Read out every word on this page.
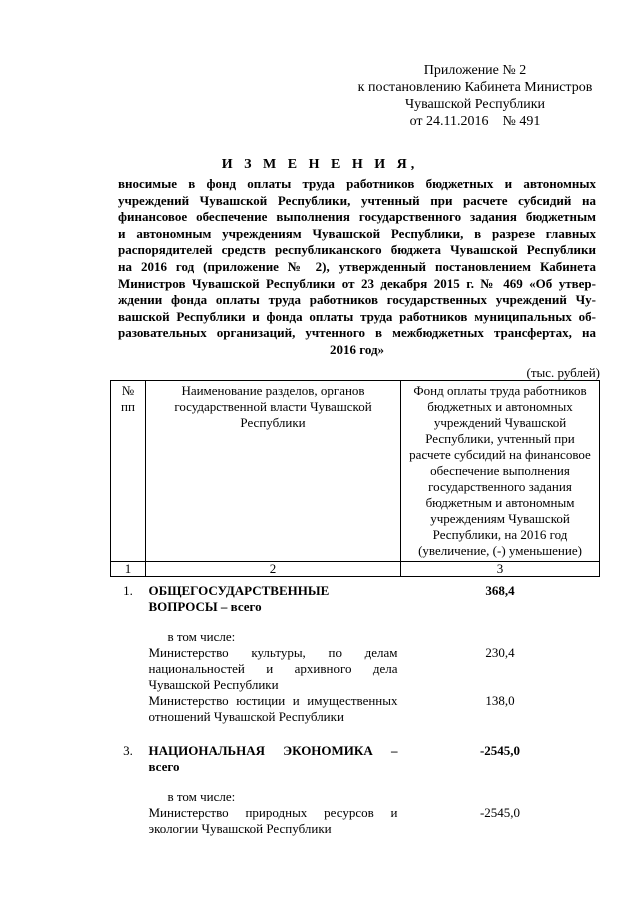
Приложение № 2
к постановлению Кабинета Министров
Чувашской Республики
от 24.11.2016    № 491
И З М Е Н Е Н И Я,
вносимые в фонд оплаты труда работников бюджетных и автономных
учреждений Чувашской Республики, учтенный при расчете субсидий на
финансовое обеспечение выполнения государственного задания бюджетным
и автономным учреждениям Чувашской Республики, в разрезе главных
распорядителей средств республиканского бюджета Чувашской Республики
на 2016 год (приложение № 2), утвержденный постановлением Кабинета
Министров Чувашской Республики от 23 декабря 2015 г. № 469 «Об утвер-
ждении фонда оплаты труда работников государственных учреждений Чу-
вашской Республики и фонда оплаты труда работников муниципальных об-
разовательных организаций, учтенного в межбюджетных трансфертах, на
2016 год»
(тыс. рублей)
№ пп	Наименование разделов, органов государственной власти Чувашской Республики	Фонд оплаты труда работников бюджетных и автономных учреждений Чувашской Республики, учтенный при расчете субсидий на финансовое обеспечение выполнения государственного задания бюджетным и автономным учреждениям Чувашской Республики, на 2016 год (увеличение, (-) уменьшение)
1	2	3
1.	ОБЩЕГОСУДАРСТВЕННЫЕ ВОПРОСЫ – всего	368,4
	в том числе:	
	Министерство культуры, по делам национальностей и архивного дела Чувашской Республики	230,4
	Министерство юстиции и имущественных отношений Чувашской Республики	138,0

3.	НАЦИОНАЛЬНАЯ ЭКОНОМИКА – всего	-2545,0
	в том числе:	
	Министерство природных ресурсов и экологии Чувашской Республики	-2545,0
